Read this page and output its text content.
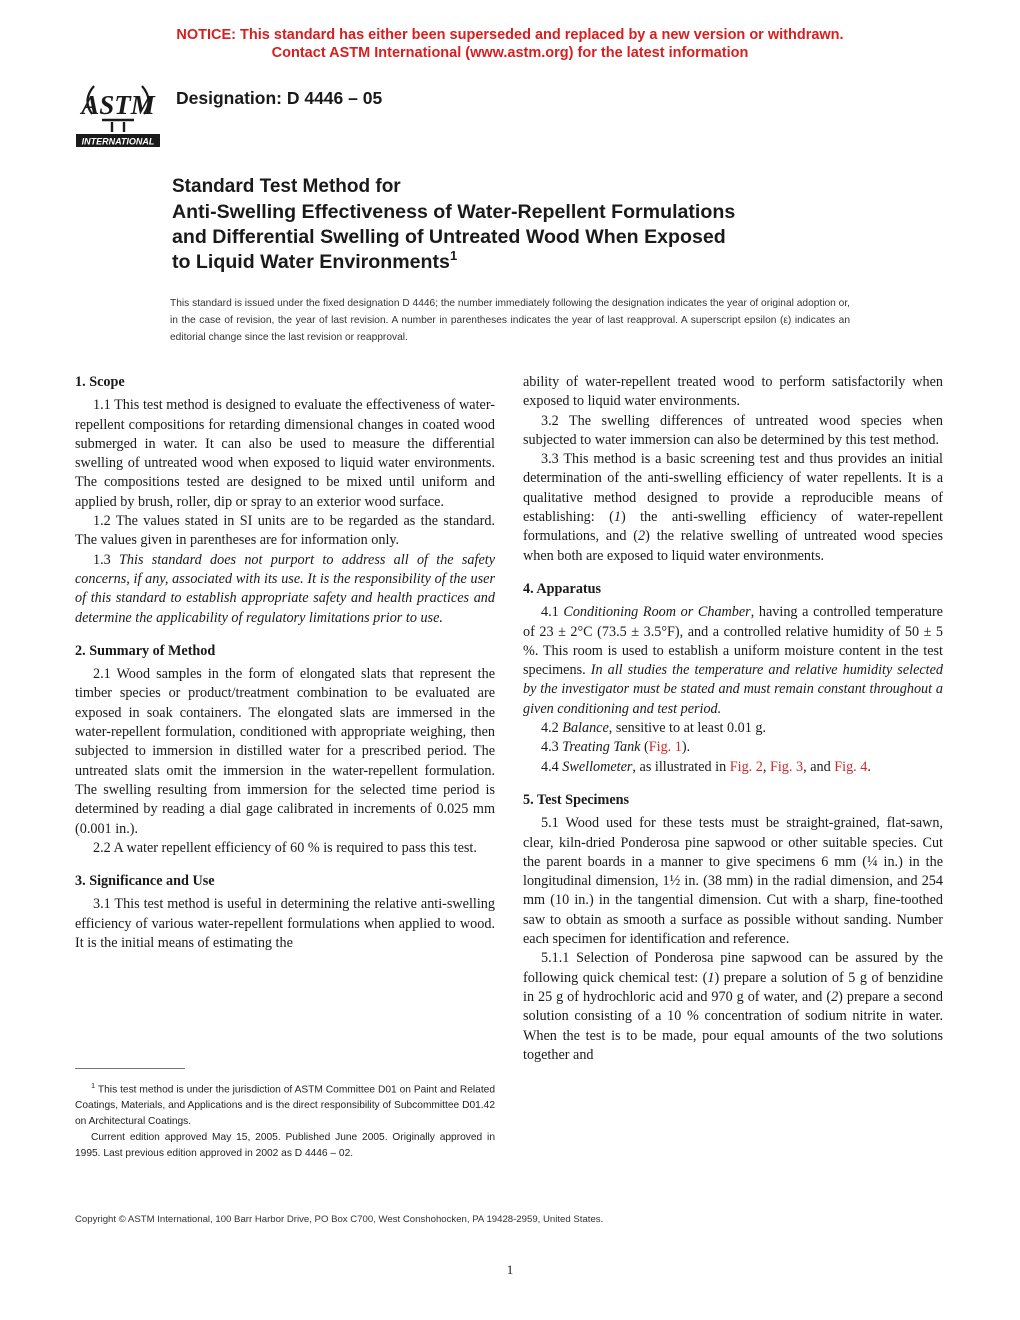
NOTICE: This standard has either been superseded and replaced by a new version or withdrawn.
Contact ASTM International (www.astm.org) for the latest information
ASTM
INTERNATIONAL
Designation: D 4446 – 05
Standard Test Method for
Anti-Swelling Effectiveness of Water-Repellent Formulations
and Differential Swelling of Untreated Wood When Exposed
to Liquid Water Environments$^1$
This standard is issued under the fixed designation D 4446; the number immediately following the designation indicates the year of original adoption or, in the case of revision, the year of last revision. A number in parentheses indicates the year of last reapproval. A superscript epsilon (ε) indicates an editorial change since the last revision or reapproval.
1. Scope

1.1 This test method is designed to evaluate the effectiveness of water-repellent compositions for retarding dimensional changes in coated wood submerged in water. It can also be used to measure the differential swelling of untreated wood when exposed to liquid water environments. The compositions tested are designed to be mixed until uniform and applied by brush, roller, dip or spray to an exterior wood surface.

1.2 The values stated in SI units are to be regarded as the standard. The values given in parentheses are for information only.

1.3 This standard does not purport to address all of the safety concerns, if any, associated with its use. It is the responsibility of the user of this standard to establish appropriate safety and health practices and determine the applicability of regulatory limitations prior to use.

2. Summary of Method

2.1 Wood samples in the form of elongated slats that represent the timber species or product/treatment combination to be evaluated are exposed in soak containers. The elongated slats are immersed in the water-repellent formulation, conditioned with appropriate weighing, then subjected to immersion in distilled water for a prescribed period. The untreated slats omit the immersion in the water-repellent formulation. The swelling resulting from immersion for the selected time period is determined by reading a dial gage calibrated in increments of 0.025 mm (0.001 in.).

2.2 A water repellent efficiency of 60 % is required to pass this test.

3. Significance and Use

3.1 This test method is useful in determining the relative anti-swelling efficiency of various water-repellent formulations when applied to wood. It is the initial means of estimating the

$^1$ This test method is under the jurisdiction of ASTM Committee D01 on Paint and Related Coatings, Materials, and Applications and is the direct responsibility of Subcommittee D01.42 on Architectural Coatings.

Current edition approved May 15, 2005. Published June 2005. Originally approved in 1995. Last previous edition approved in 2002 as D 4446 – 02.

ability of water-repellent treated wood to perform satisfactorily when exposed to liquid water environments.

3.2 The swelling differences of untreated wood species when subjected to water immersion can also be determined by this test method.

3.3 This method is a basic screening test and thus provides an initial determination of the anti-swelling efficiency of water repellents. It is a qualitative method designed to provide a reproducible means of establishing: (1) the anti-swelling efficiency of water-repellent formulations, and (2) the relative swelling of untreated wood species when both are exposed to liquid water environments.

4. Apparatus

4.1 Conditioning Room or Chamber, having a controlled temperature of 23 ± 2°C (73.5 ± 3.5°F), and a controlled relative humidity of 50 ± 5 %. This room is used to establish a uniform moisture content in the test specimens. In all studies the temperature and relative humidity selected by the investigator must be stated and must remain constant throughout a given conditioning and test period.

4.2 Balance, sensitive to at least 0.01 g.

4.3 Treating Tank (Fig. 1).

4.4 Swellometer, as illustrated in Fig. 2, Fig. 3, and Fig. 4.

5. Test Specimens

5.1 Wood used for these tests must be straight-grained, flat-sawn, clear, kiln-dried Ponderosa pine sapwood or other suitable species. Cut the parent boards in a manner to give specimens 6 mm (¼ in.) in the longitudinal dimension, 1½ in. (38 mm) in the radial dimension, and 254 mm (10 in.) in the tangential dimension. Cut with a sharp, fine-toothed saw to obtain as smooth a surface as possible without sanding. Number each specimen for identification and reference.

5.1.1 Selection of Ponderosa pine sapwood can be assured by the following quick chemical test: (1) prepare a solution of 5 g of benzidine in 25 g of hydrochloric acid and 970 g of water, and (2) prepare a second solution consisting of a 10 % concentration of sodium nitrite in water. When the test is to be made, pour equal amounts of the two solutions together and

Copyright © ASTM International, 100 Barr Harbor Drive, PO Box C700, West Conshohocken, PA 19428-2959, United States.
1
